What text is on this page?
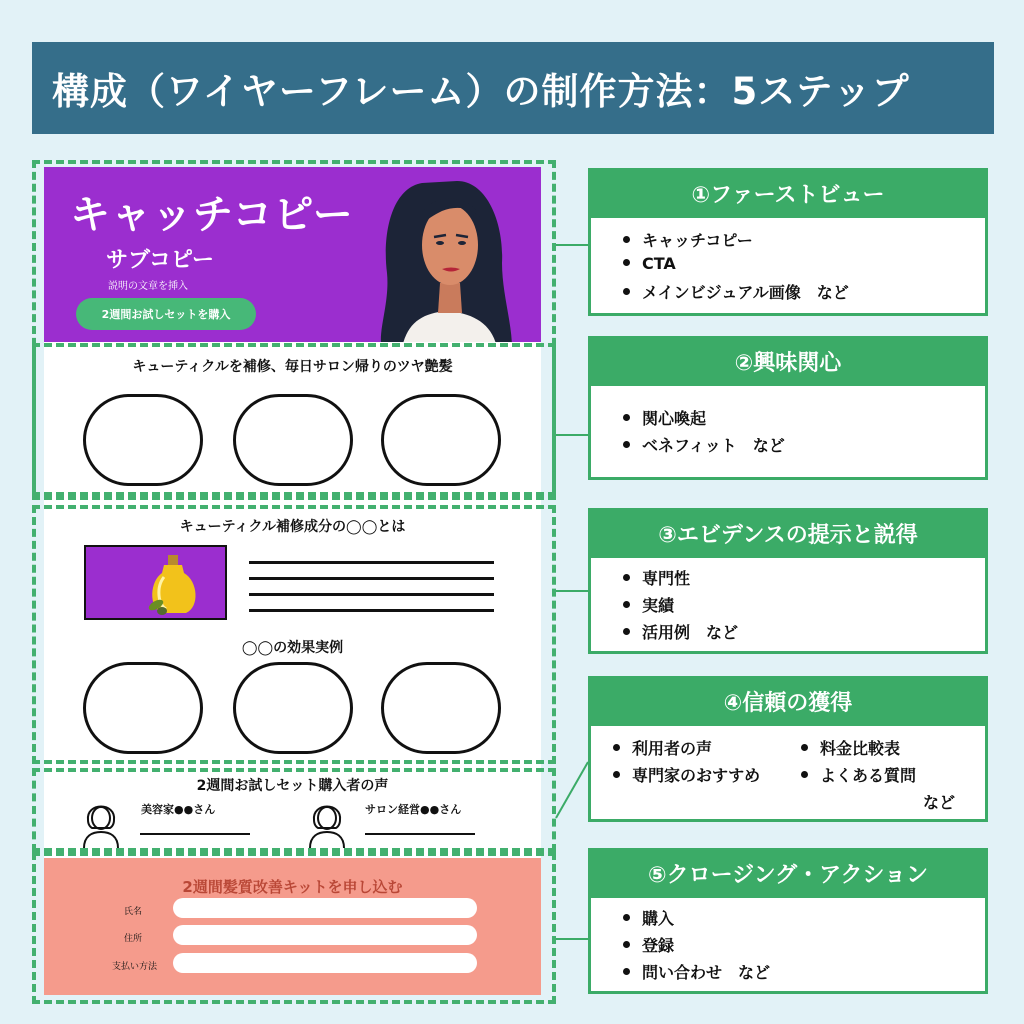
構成（ワイヤーフレーム）の制作方法：5ステップ
キャッチコピー
サブコピー
説明の文章を挿入
2週間お試しセットを購入
キューティクルを補修、毎日サロン帰りのツヤ艶髪
キューティクル補修成分の◯◯とは
◯◯の効果実例
2週間お試しセット購入者の声
美容家●●さん	サロン経営●●さん
2週間髪質改善キットを申し込む
氏名
住所
支払い方法
①ファーストビュー
キャッチコピー
CTA
メインビジュアル画像　など
②興味関心
関心喚起
ベネフィット　など
③エビデンスの提示と説得
専門性
実績
活用例　など
④信頼の獲得
利用者の声
専門家のおすすめ
料金比較表
よくある質問
など
⑤クロージング・アクション
購入
登録
問い合わせ　など
